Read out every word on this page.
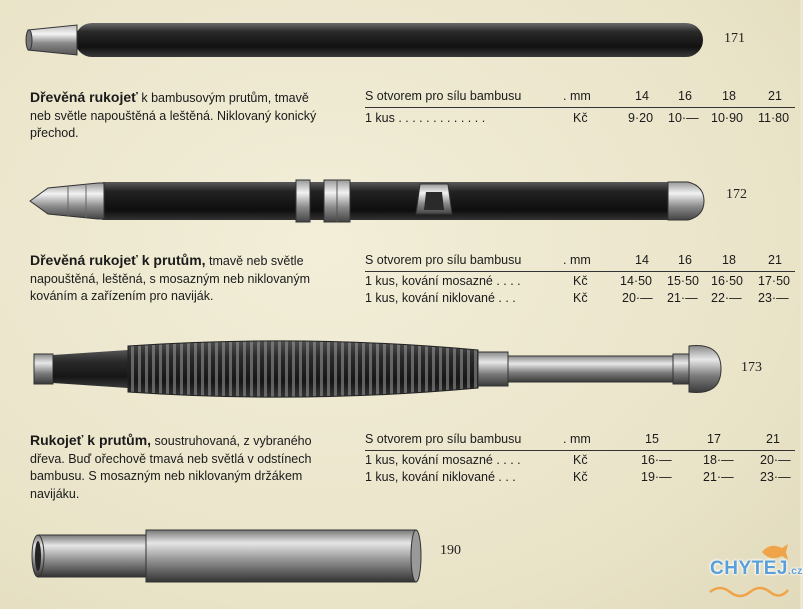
171
Dřevěná rukojeť k bambusovým prutům, tmavě neb světle napouštěná a leštěná. Niklovaný konický přechod.
S otvorem pro sílu bambusu	. mm	14 16 18	21
1 kus . . . . . . . . . . . . .	Kč	9·20 10·— 10·90 11·80
172
Dřevěná rukojeť k prutům, tmavě neb světle napouštěná, leštěná, s mosazným neb niklovaným kováním a zařízením pro naviják.
S otvorem pro sílu bambusu	. mm	14 16 18	21
1 kus, kování mosazné . . . .	Kč	14·50 15·50 16·50 17·50
1 kus, kování niklované . . .	Kč	20·— 21·— 22·— 23·—
173
Rukojeť k prutům, soustruhovaná, z vybraného dřeva. Buď ořechově tmavá neb světlá v odstínech bambusu. S mosazným neb niklovaným držákem navijáku.
S otvorem pro sílu bambusu	. mm	15	17	21
1 kus, kování mosazné . . . .	Kč	16·—	18·— 20·—
1 kus, kování niklované . . .	Kč	19·—	21·— 23·—
190
CHYTEJ.cz
